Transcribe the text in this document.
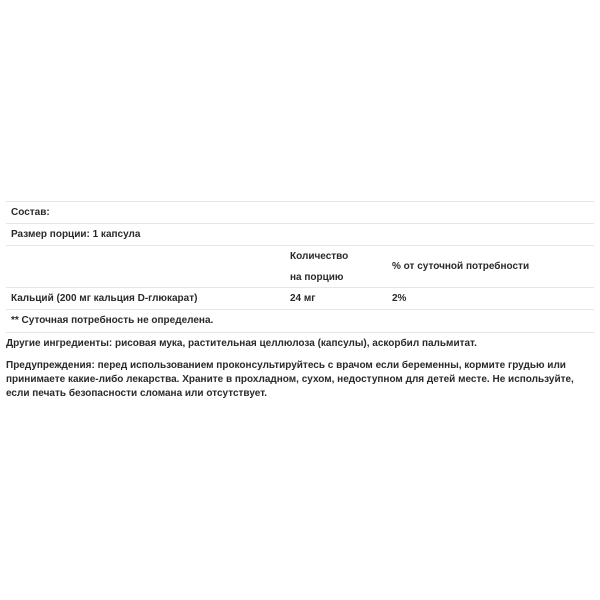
Состав:
Размер порции: 1 капсула
Количество
на порцию
% от суточной потребности
Кальций (200 мг кальция D-глюкарат)	24 мг	2%
** Суточная потребность не определена.
Другие ингредиенты: рисовая мука, растительная целлюлоза (капсулы), аскорбил пальмитат.
Предупреждения: перед использованием проконсультируйтесь с врачом если беременны, кормите грудью или принимаете какие-либо лекарства. Храните в прохладном, сухом, недоступном для детей месте. Не используйте, если печать безопасности сломана или отсутствует.
